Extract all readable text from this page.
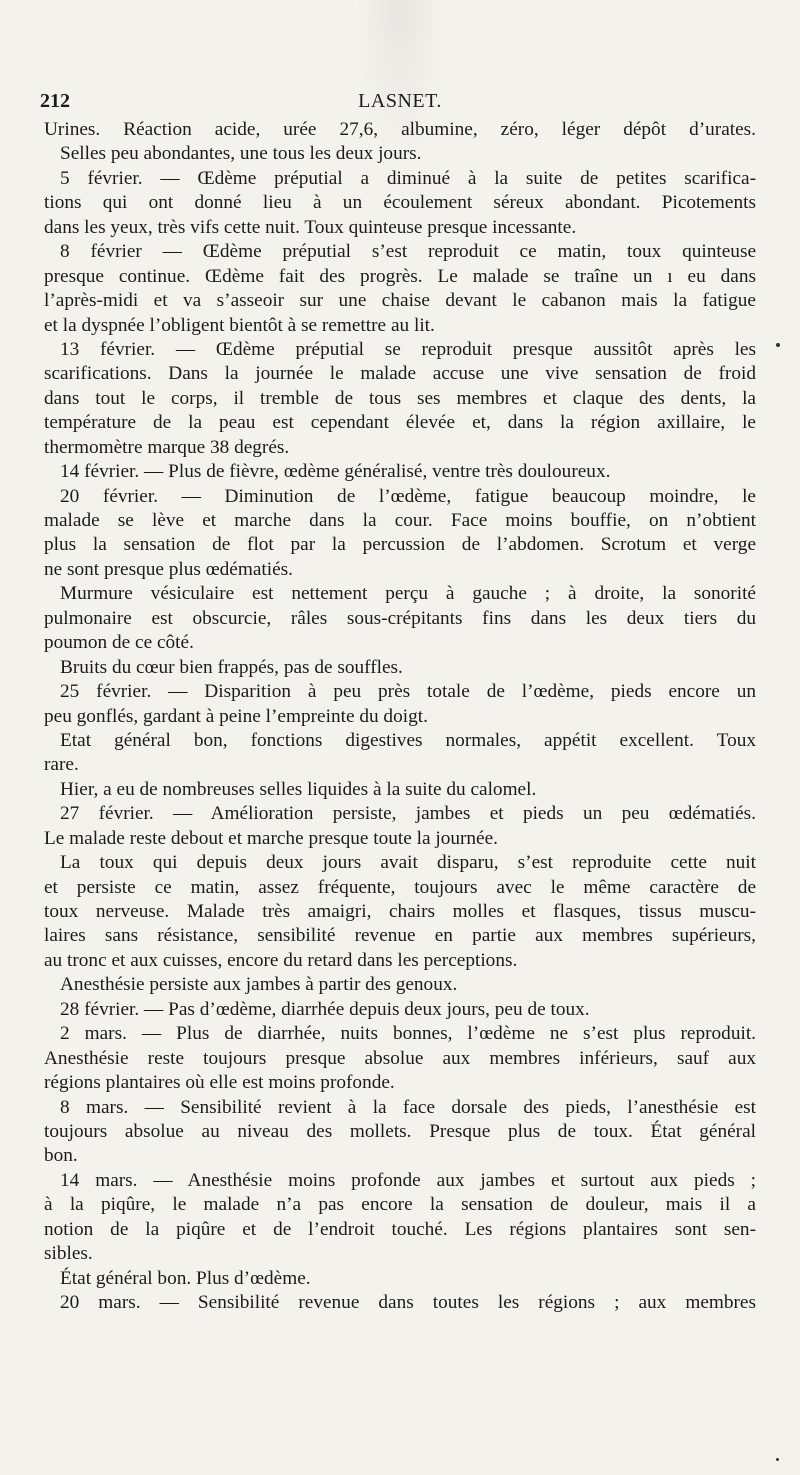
212	LASNET.
Urines. Réaction acide, urée 27,6, albumine, zéro, léger dépôt d’urates.
Selles peu abondantes, une tous les deux jours.
5 février. — Œdème préputial a diminué à la suite de petites scarifica-
tions qui ont donné lieu à un écoulement séreux abondant. Picotements
dans les yeux, très vifs cette nuit. Toux quinteuse presque incessante.
8 février — Œdème préputial s’est reproduit ce matin, toux quinteuse
presque continue. Œdème fait des progrès. Le malade se traîne un ı eu dans
l’après-midi et va s’asseoir sur une chaise devant le cabanon mais la fatigue
et la dyspnée l’obligent bientôt à se remettre au lit.
13 février. — Œdème préputial se reproduit presque aussitôt après les
scarifications. Dans la journée le malade accuse une vive sensation de froid
dans tout le corps, il tremble de tous ses membres et claque des dents, la
température de la peau est cependant élevée et, dans la région axillaire, le
thermomètre marque 38 degrés.
14 février. — Plus de fièvre, œdème généralisé, ventre très douloureux.
20 février. — Diminution de l’œdème, fatigue beaucoup moindre, le
malade se lève et marche dans la cour. Face moins bouffie, on n’obtient
plus la sensation de flot par la percussion de l’abdomen. Scrotum et verge
ne sont presque plus œdématiés.
Murmure vésiculaire est nettement perçu à gauche ; à droite, la sonorité
pulmonaire est obscurcie, râles sous-crépitants fins dans les deux tiers du
poumon de ce côté.
Bruits du cœur bien frappés, pas de souffles.
25 février. — Disparition à peu près totale de l’œdème, pieds encore un
peu gonflés, gardant à peine l’empreinte du doigt.
Etat général bon, fonctions digestives normales, appétit excellent. Toux
rare.
Hier, a eu de nombreuses selles liquides à la suite du calomel.
27 février. — Amélioration persiste, jambes et pieds un peu œdématiés.
Le malade reste debout et marche presque toute la journée.
La toux qui depuis deux jours avait disparu, s’est reproduite cette nuit
et persiste ce matin, assez fréquente, toujours avec le même caractère de
toux nerveuse. Malade très amaigri, chairs molles et flasques, tissus muscu-
laires sans résistance, sensibilité revenue en partie aux membres supérieurs,
au tronc et aux cuisses, encore du retard dans les perceptions.
Anesthésie persiste aux jambes à partir des genoux.
28 février. — Pas d’œdème, diarrhée depuis deux jours, peu de toux.
2 mars. — Plus de diarrhée, nuits bonnes, l’œdème ne s’est plus reproduit.
Anesthésie reste toujours presque absolue aux membres inférieurs, sauf aux
régions plantaires où elle est moins profonde.
8 mars. — Sensibilité revient à la face dorsale des pieds, l’anesthésie est
toujours absolue au niveau des mollets. Presque plus de toux. État général
bon.
14 mars. — Anesthésie moins profonde aux jambes et surtout aux pieds ;
à la piqûre, le malade n’a pas encore la sensation de douleur, mais il a
notion de la piqûre et de l’endroit touché. Les régions plantaires sont sen-
sibles.
État général bon. Plus d’œdème.
20 mars. — Sensibilité revenue dans toutes les régions ; aux membres
